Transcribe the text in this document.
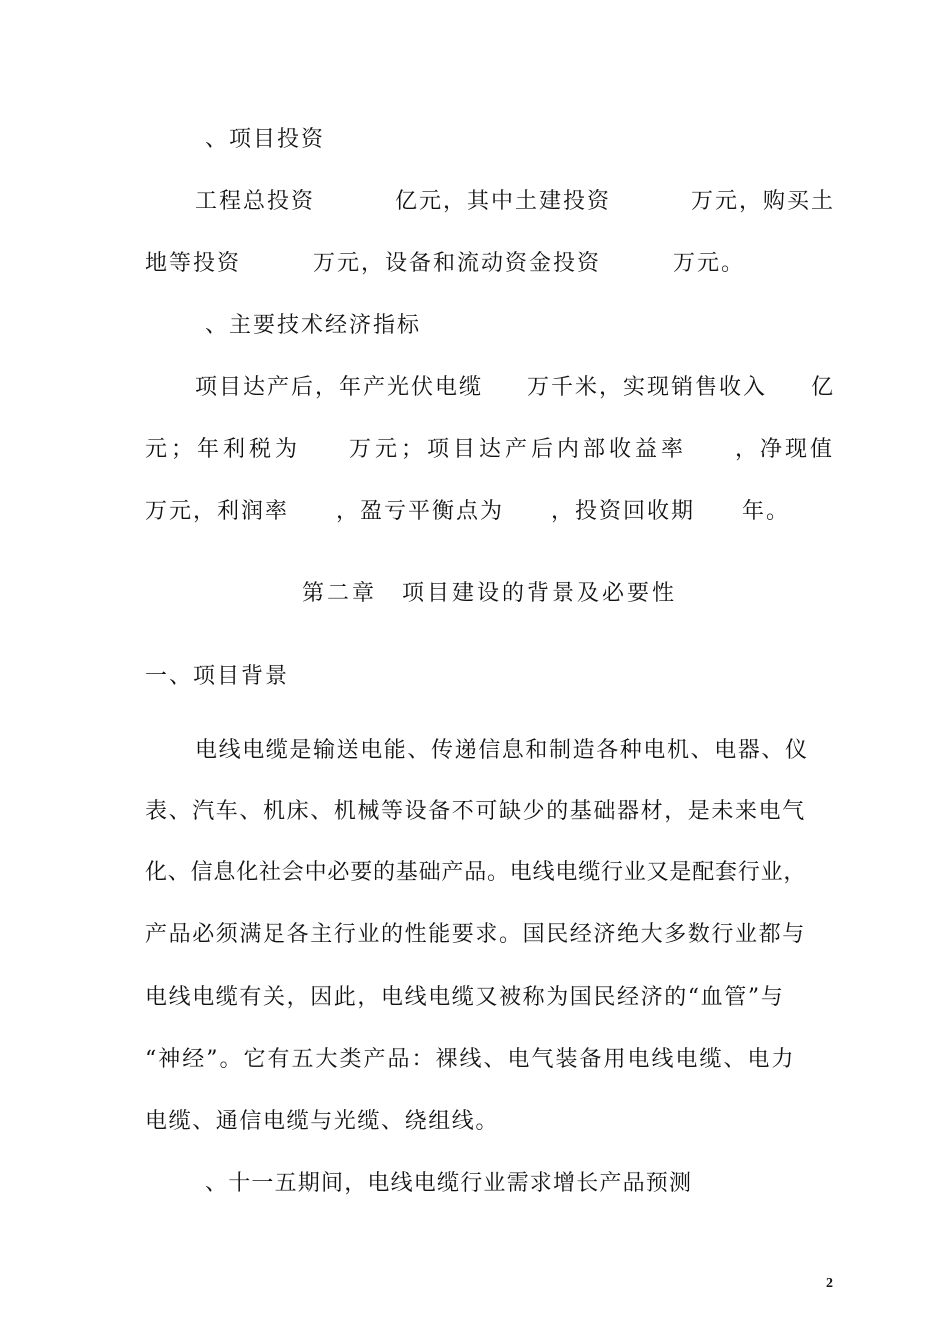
、项目投资
工程总投资	亿元，其中土建投资	万元，购买土
地等投资	万元，设备和流动资金投资	万元。
、主要技术经济指标
项目达产后，年产光伏电缆 万千米，实现销售收入 亿
元；年利税为 万元；项目达产后内部收益率 ，净现值
万元，利润率 ，盈亏平衡点为 ，投资回收期 年。
第二章　项目建设的背景及必要性
一、项目背景
电线电缆是输送电能、传递信息和制造各种电机、电器、仪
表、汽车、机床、机械等设备不可缺少的基础器材，是未来电气
化、信息化社会中必要的基础产品。电线电缆行业又是配套行业，
产品必须满足各主行业的性能要求。国民经济绝大多数行业都与
电线电缆有关，因此，电线电缆又被称为国民经济的“血管”与
“神经”。它有五大类产品：裸线、电气装备用电线电缆、电力
电缆、通信电缆与光缆、绕组线。
、十一五期间，电线电缆行业需求增长产品预测
2
